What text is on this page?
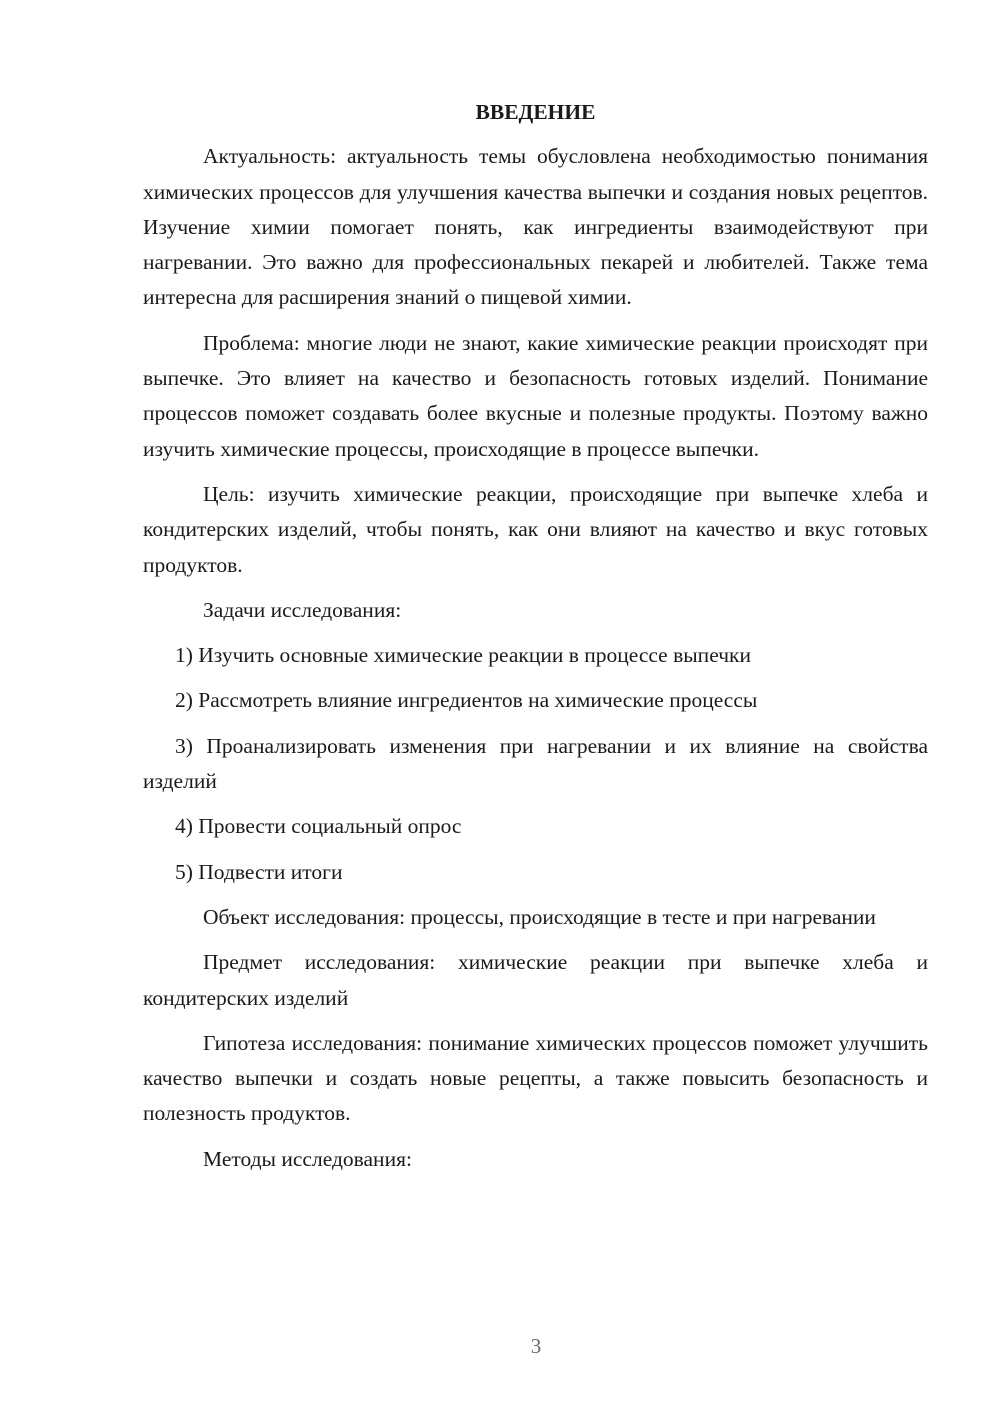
ВВЕДЕНИЕ

Актуальность: актуальность темы обусловлена необходимостью понимания химических процессов для улучшения качества выпечки и создания новых рецептов. Изучение химии помогает понять, как ингредиенты взаимодействуют при нагревании. Это важно для профессиональных пекарей и любителей. Также тема интересна для расширения знаний о пищевой химии.

Проблема: многие люди не знают, какие химические реакции происходят при выпечке. Это влияет на качество и безопасность готовых изделий. Понимание процессов поможет создавать более вкусные и полезные продукты. Поэтому важно изучить химические процессы, происходящие в процессе выпечки.

Цель: изучить химические реакции, происходящие при выпечке хлеба и кондитерских изделий, чтобы понять, как они влияют на качество и вкус готовых продуктов.

Задачи исследования:

1) Изучить основные химические реакции в процессе выпечки

2) Рассмотреть влияние ингредиентов на химические процессы

3) Проанализировать изменения при нагревании и их влияние на свойства изделий

4) Провести социальный опрос

5) Подвести итоги

Объект исследования: процессы, происходящие в тесте и при нагревании

Предмет исследования: химические реакции при выпечке хлеба и кондитерских изделий

Гипотеза исследования: понимание химических процессов поможет улучшить качество выпечки и создать новые рецепты, а также повысить безопасность и полезность продуктов.

Методы исследования:

3
